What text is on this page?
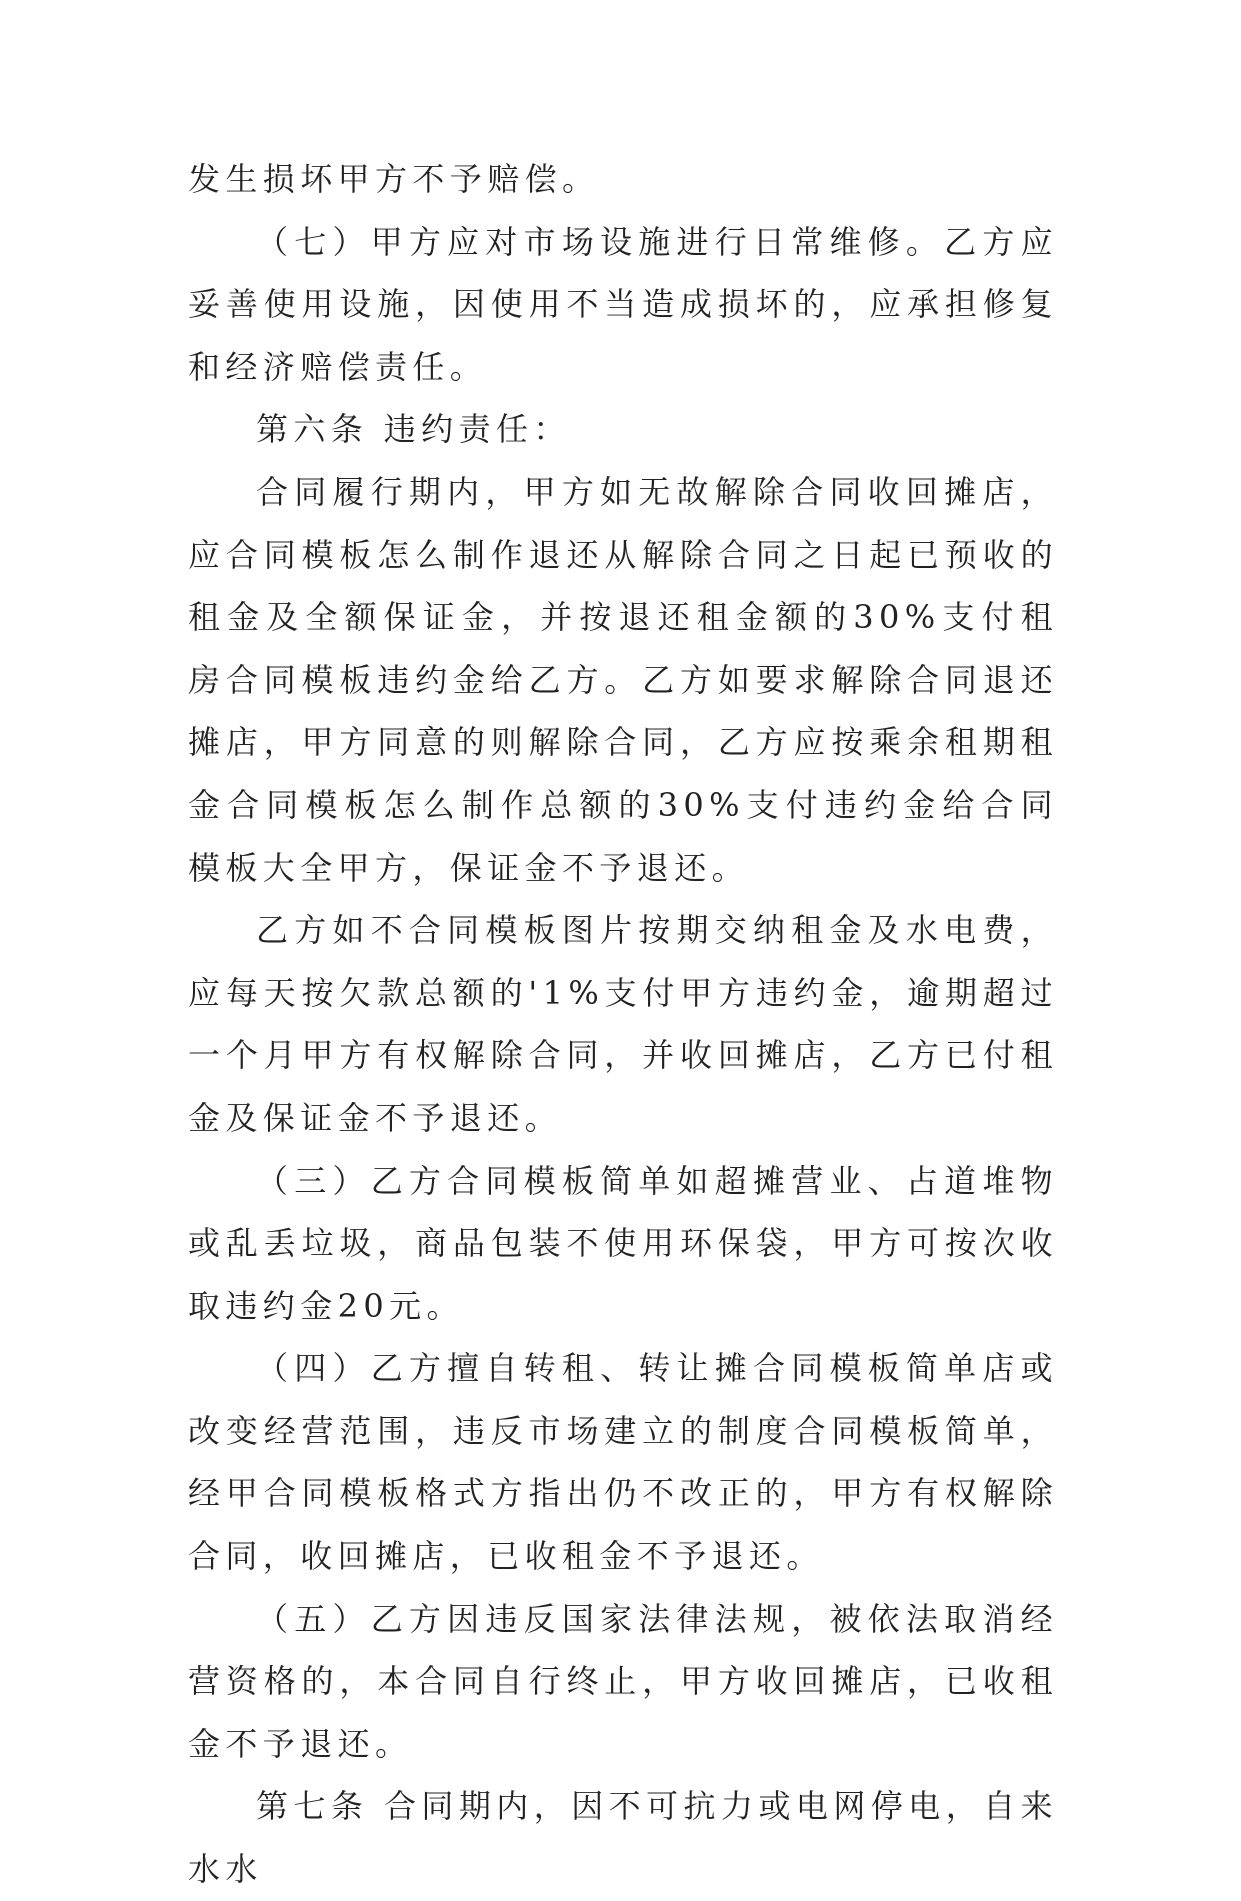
发生损坏甲方不予赔偿。

（七）甲方应对市场设施进行日常维修。乙方应妥善使用设施，因使用不当造成损坏的，应承担修复和经济赔偿责任。

第六条 违约责任：

合同履行期内，甲方如无故解除合同收回摊店，应合同模板怎么制作退还从解除合同之日起已预收的租金及全额保证金，并按退还租金额的30%支付租房合同模板违约金给乙方。乙方如要求解除合同退还摊店，甲方同意的则解除合同，乙方应按乘余租期租金合同模板怎么制作总额的30%支付违约金给合同模板大全甲方，保证金不予退还。

乙方如不合同模板图片按期交纳租金及水电费，应每天按欠款总额的'1%支付甲方违约金，逾期超过一个月甲方有权解除合同，并收回摊店，乙方已付租金及保证金不予退还。

（三）乙方合同模板简单如超摊营业、占道堆物或乱丢垃圾，商品包装不使用环保袋，甲方可按次收取违约金20元。

（四）乙方擅自转租、转让摊合同模板简单店或改变经营范围，违反市场建立的制度合同模板简单，经甲合同模板格式方指出仍不改正的，甲方有权解除合同，收回摊店，已收租金不予退还。

（五）乙方因违反国家法律法规，被依法取消经营资格的，本合同自行终止，甲方收回摊店，已收租金不予退还。

第七条 合同期内，因不可抗力或电网停电，自来水水
